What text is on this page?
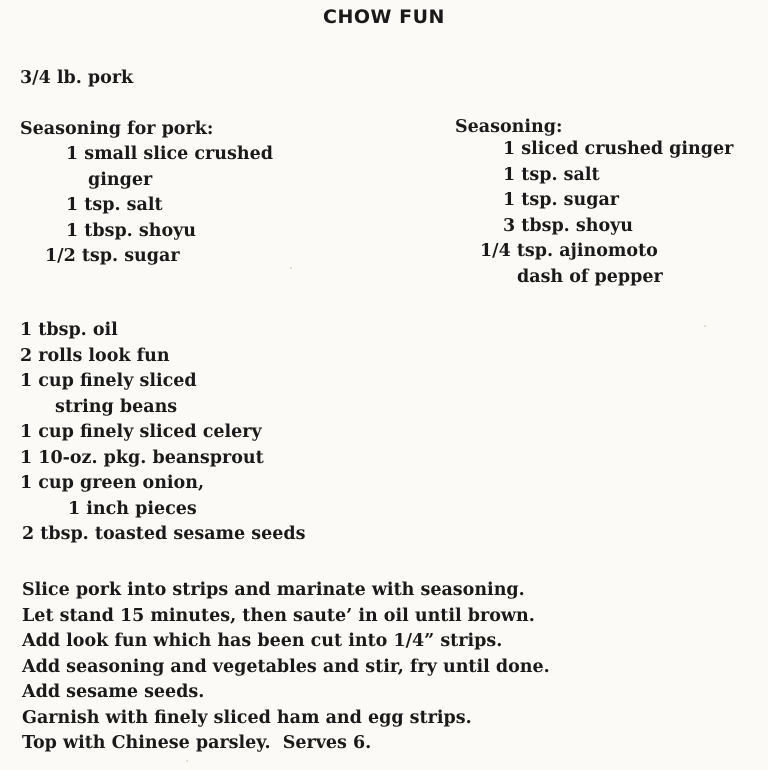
CHOW FUN
3/4 lb. pork
Seasoning for pork:
1 small slice crushed
ginger
1 tsp. salt
1 tbsp. shoyu
1/2 tsp. sugar
Seasoning:
1 sliced crushed ginger
1 tsp. salt
1 tsp. sugar
3 tbsp. shoyu
1/4 tsp. ajinomoto
dash of pepper
1 tbsp. oil
2 rolls look fun
1 cup finely sliced
string beans
1 cup finely sliced celery
1 10-oz. pkg. beansprout
1 cup green onion,
1 inch pieces
2 tbsp. toasted sesame seeds
Slice pork into strips and marinate with seasoning.
Let stand 15 minutes, then saute’ in oil until brown.
Add look fun which has been cut into 1/4” strips.
Add seasoning and vegetables and stir, fry until done.
Add sesame seeds.
Garnish with finely sliced ham and egg strips.
Top with Chinese parsley.  Serves 6.
